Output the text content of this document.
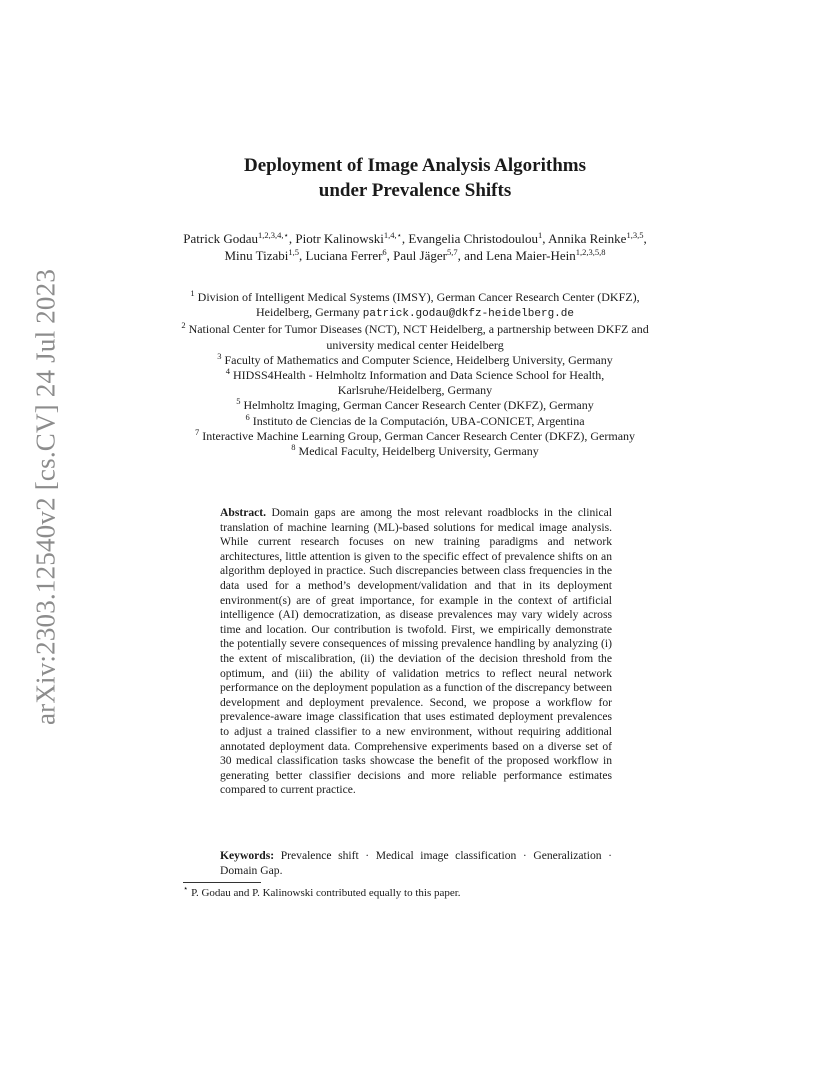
arXiv:2303.12540v2 [cs.CV] 24 Jul 2023
Deployment of Image Analysis Algorithms
under Prevalence Shifts
Patrick Godau$^{1,2,3,4,⋆}$, Piotr Kalinowski$^{1,4,⋆}$, Evangelia Christodoulou$^1$, Annika Reinke$^{1,3,5}$, Minu Tizabi$^{1,5}$, Luciana Ferrer$^6$, Paul Jäger$^{5,7}$, and Lena Maier-Hein$^{1,2,3,5,8}$

$^1$ Division of Intelligent Medical Systems (IMSY), German Cancer Research Center (DKFZ), Heidelberg, Germany patrick.godau@dkfz-heidelberg.de

$^2$ National Center for Tumor Diseases (NCT), NCT Heidelberg, a partnership between DKFZ and university medical center Heidelberg

$^3$ Faculty of Mathematics and Computer Science, Heidelberg University, Germany

$^4$ HIDSS4Health - Helmholtz Information and Data Science School for Health, Karlsruhe/Heidelberg, Germany

$^5$ Helmholtz Imaging, German Cancer Research Center (DKFZ), Germany

$^6$ Instituto de Ciencias de la Computación, UBA-CONICET, Argentina

$^7$ Interactive Machine Learning Group, German Cancer Research Center (DKFZ), Germany

$^8$ Medical Faculty, Heidelberg University, Germany

Abstract. Domain gaps are among the most relevant roadblocks in the clinical translation of machine learning (ML)-based solutions for medical image analysis. While current research focuses on new training paradigms and network architectures, little attention is given to the specific effect of prevalence shifts on an algorithm deployed in practice. Such discrepancies between class frequencies in the data used for a method’s development/validation and that in its deployment environment(s) are of great importance, for example in the context of artificial intelligence (AI) democratization, as disease prevalences may vary widely across time and location. Our contribution is twofold. First, we empirically demonstrate the potentially severe consequences of missing prevalence handling by analyzing (i) the extent of miscalibration, (ii) the deviation of the decision threshold from the optimum, and (iii) the ability of validation metrics to reflect neural network performance on the deployment population as a function of the discrepancy between development and deployment prevalence. Second, we propose a workflow for prevalence-aware image classification that uses estimated deployment prevalences to adjust a trained classifier to a new environment, without requiring additional annotated deployment data. Comprehensive experiments based on a diverse set of 30 medical classification tasks showcase the benefit of the proposed workflow in generating better classifier decisions and more reliable performance estimates compared to current practice.
Keywords: Prevalence shift · Medical image classification · Generalization · Domain Gap.
⋆ P. Godau and P. Kalinowski contributed equally to this paper.
